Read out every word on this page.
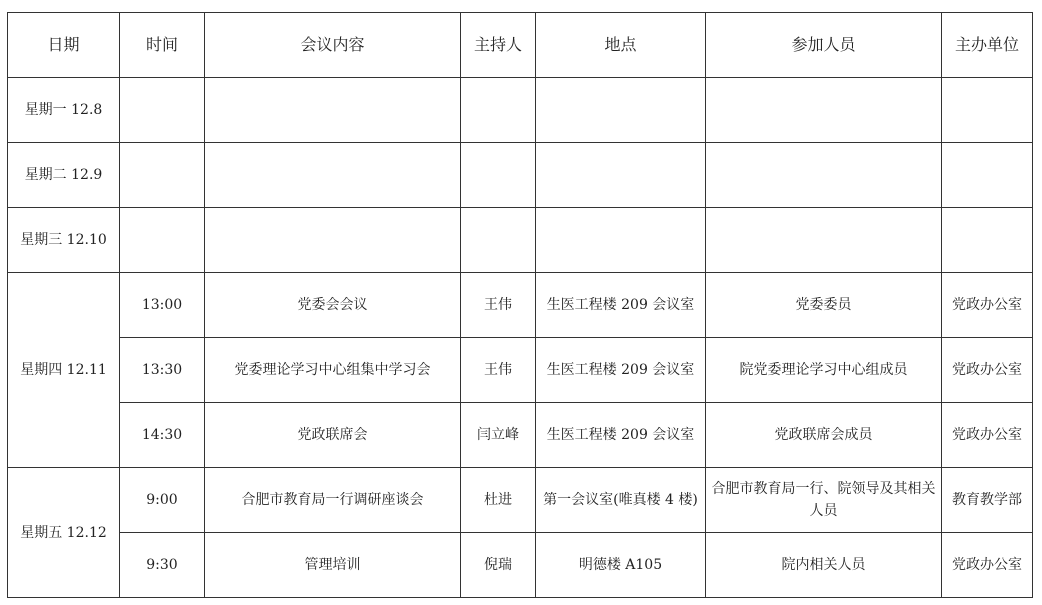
日期	时间	会议内容	主持人	地点	参加人员	主办单位
星期一 12.8						
星期二 12.9						
星期三 12.10						
星期四 12.11	13:00	党委会会议	王伟	生医工程楼 209 会议室	党委委员	党政办公室
	13:30	党委理论学习中心组集中学习会	王伟	生医工程楼 209 会议室	院党委理论学习中心组成员	党政办公室
	14:30	党政联席会	闫立峰	生医工程楼 209 会议室	党政联席会成员	党政办公室
星期五 12.12	9:00	合肥市教育局一行调研座谈会	杜进	第一会议室(唯真楼 4 楼)	合肥市教育局一行、院领导及其相关人员	教育教学部
	9:30	管理培训	倪瑞	明德楼 A105	院内相关人员	党政办公室
